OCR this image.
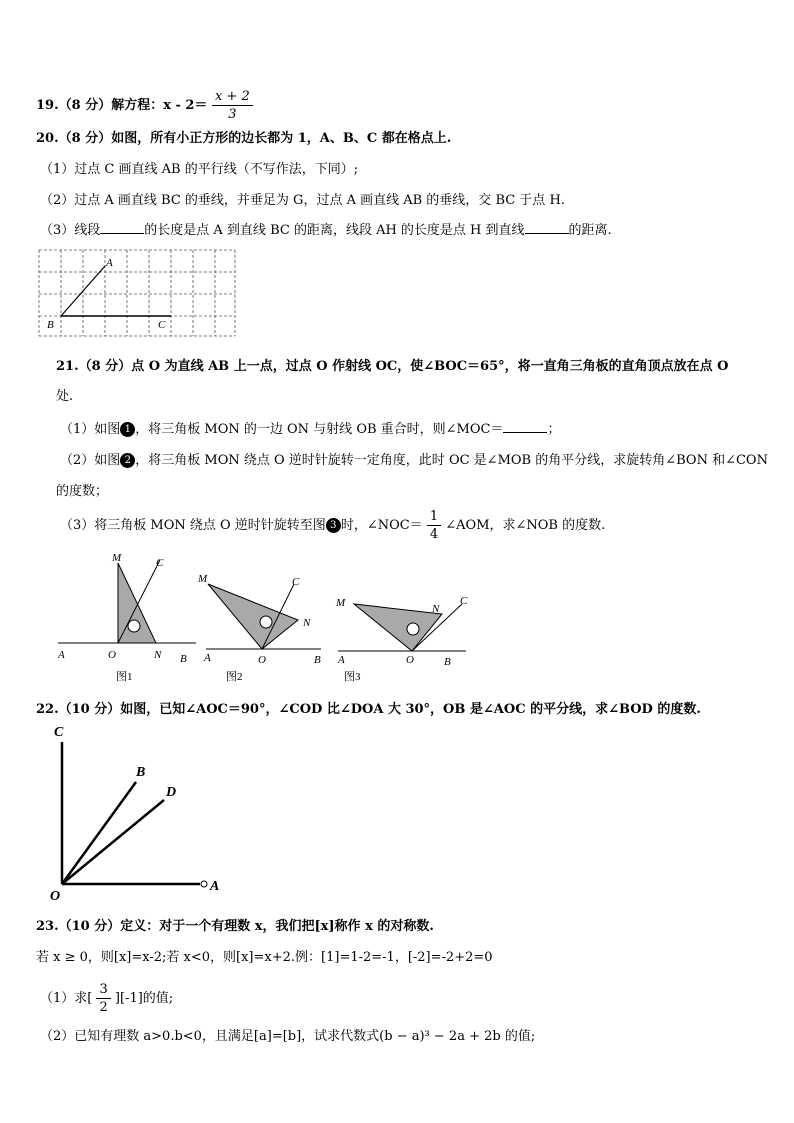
19.（8 分）解方程：$x - 2= \frac{x + 2}{3}$
20.（8 分）如图，所有小正方形的边长都为 1，A、B、C 都在格点上.
（1）过点 C 画直线 AB 的平行线（不写作法，下同）;
（2）过点 A 画直线 BC 的垂线，并垂足为 G，过点 A 画直线 AB 的垂线，交 BC 于点 H.
（3）线段	的长度是点 A 到直线 BC 的距离，线段 AH 的长度是点 H 到直线	的距离.
A
B	C
21.（8 分）点 O 为直线 AB 上一点，过点 O 作射线 OC，使∠BOC＝65°，将一直角三角板的直角顶点放在点 O
处.
（1）如图 1 ，将三角板 MON 的一边 ON 与射线 OB 重合时，则∠MOC＝	；
（2）如图 2 ，将三角板 MON 绕点 O 逆时针旋转一定角度，此时 OC 是∠MOB 的角平分线，求旋转角∠BON 和∠CON
的度数；
（3）将三角板 MON 绕点 O 逆时针旋转至图 3 时，∠NOC＝ $\frac{1}{4}$ ∠AOM，求∠NOB 的度数.
M	C
A	O	N B
图1
M	C
N
A	O	B
图2
M	N
C
A	O	B
图3
22.（10 分）如图，已知∠AOC＝90°，∠COD 比∠DOA 大 30°，OB 是∠AOC 的平分线，求∠BOD 的度数.
C
B
D
O
A
23.（10 分）定义：对于一个有理数 x，我们把[x]称作 x 的对称数.
若 x ≥ 0，则[x]=x-2;若 x<0，则[x]=x+2.例：[1]=1-2=-1，[-2]=-2+2=0
（1）求[ $\frac{3}{2} ][-1]$的值;
（2）已知有理数 a>0.b<0，且满足[a]=[b]，试求代数式(b − a)³ − 2a + 2b 的值;
